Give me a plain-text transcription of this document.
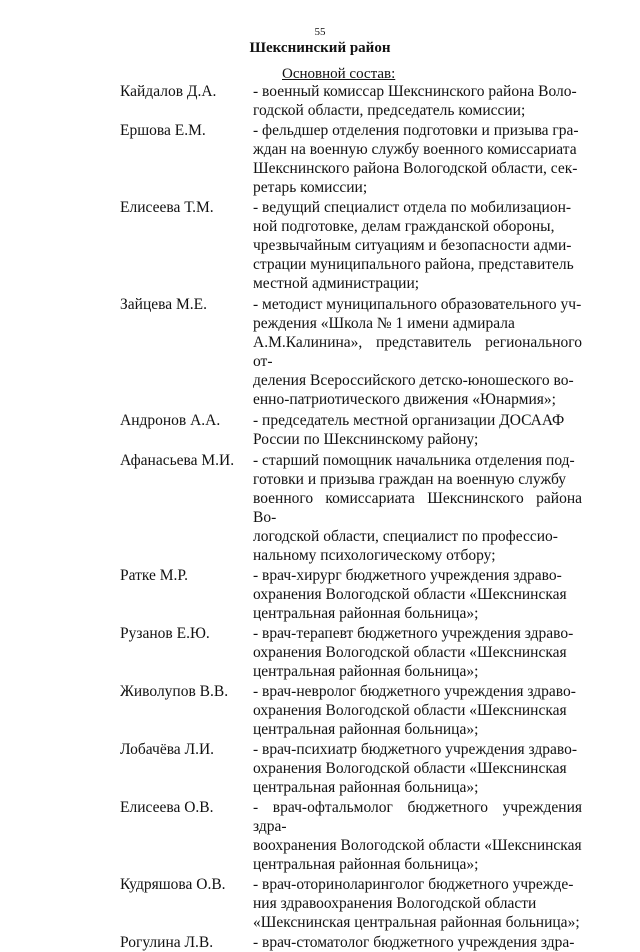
55
Шекснинский район
Основной состав:
Кайдалов Д.А. - военный комиссар Шекснинского района Воло-
годской области, председатель комиссии;
Ершова Е.М.	- фельдшер отделения подготовки и призыва гра-
ждан на военную службу военного комиссариата
Шекснинского района Вологодской области, сек-
ретарь комиссии;
Елисеева Т.М.	- ведущий специалист отдела по мобилизацион-
ной подготовке, делам гражданской обороны,
чрезвычайным ситуациям и безопасности адми-
страции муниципального района, представитель
местной администрации;
Зайцева М.Е.	- методист муниципального образовательного уч-
реждения «Школа № 1 имени адмирала
А.М.Калинина», представитель регионального от-
деления Всероссийского детско-юношеского во-
енно-патриотического движения «Юнармия»;
Андронов А.А. - председатель местной организации ДОСААФ
России по Шекснинскому району;
Афанасьева М.И. - старший помощник начальника отделения под-
готовки и призыва граждан на военную службу
военного комиссариата Шекснинского района Во-
логодской области, специалист по профессио-
нальному психологическому отбору;
Ратке М.Р.	- врач-хирург бюджетного учреждения здраво-
охранения Вологодской области «Шекснинская
центральная районная больница»;
Рузанов Е.Ю.	- врач-терапевт бюджетного учреждения здраво-
охранения Вологодской области «Шекснинская
центральная районная больница»;
Живолупов В.В. - врач-невролог бюджетного учреждения здраво-
охранения Вологодской области «Шекснинская
центральная районная больница»;
Лобачёва Л.И.	- врач-психиатр бюджетного учреждения здраво-
охранения Вологодской области «Шекснинская
центральная районная больница»;
Елисеева О.В.	- врач-офтальмолог бюджетного учреждения здра-
воохранения Вологодской области «Шекснинская
центральная районная больница»;
Кудряшова О.В. - врач-оториноларинголог бюджетного учрежде-
ния здравоохранения Вологодской области
«Шекснинская центральная районная больница»;
Рогулина Л.В.	- врач-стоматолог бюджетного учреждения здра-
